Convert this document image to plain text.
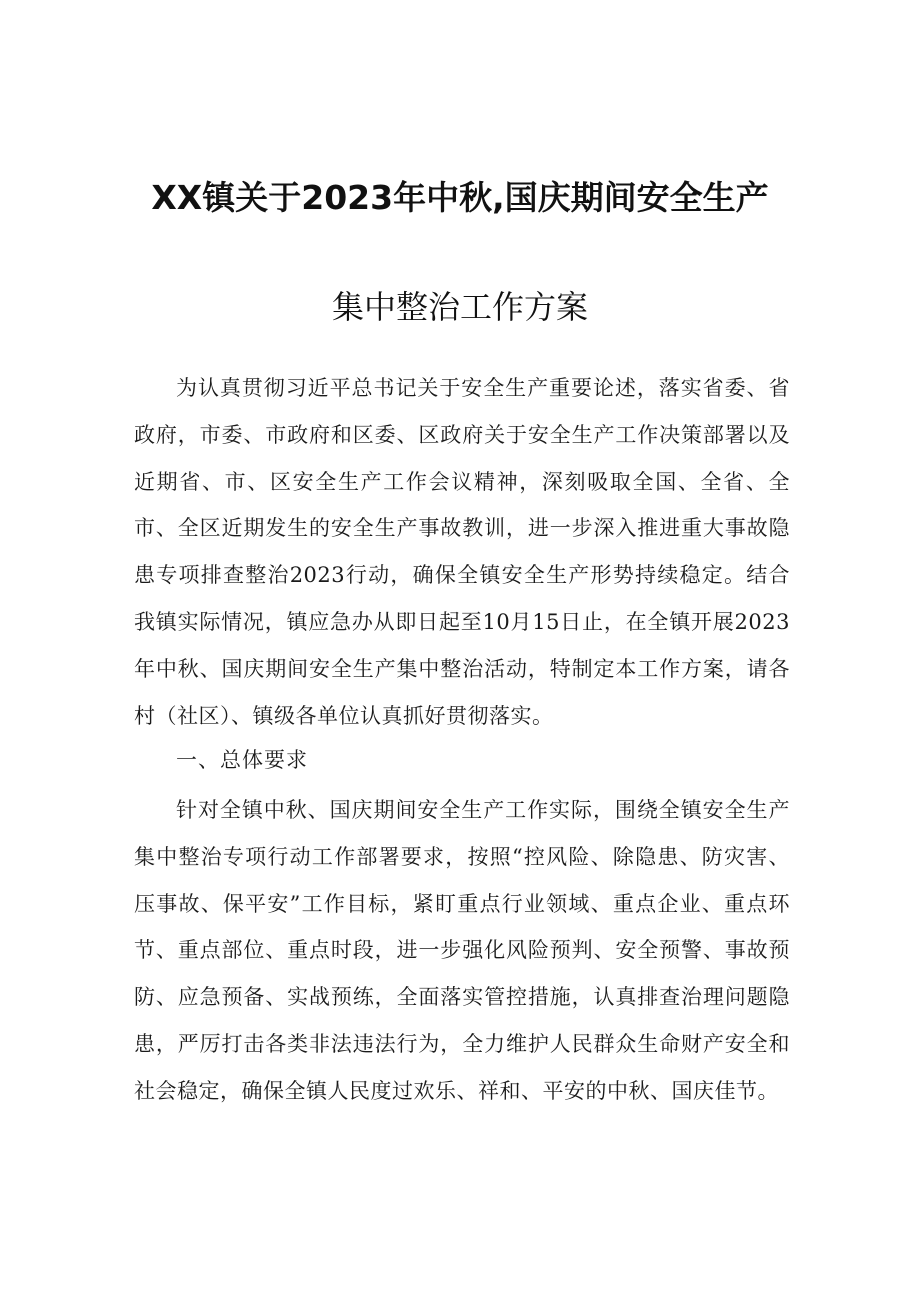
XX镇关于2023年中秋,国庆期间安全生产
集中整治工作方案

为认真贯彻习近平总书记关于安全生产重要论述，落实省委、省政府，市委、市政府和区委、区政府关于安全生产工作决策部署以及近期省、市、区安全生产工作会议精神，深刻吸取全国、全省、全市、全区近期发生的安全生产事故教训，进一步深入推进重大事故隐患专项排查整治2023行动，确保全镇安全生产形势持续稳定。结合我镇实际情况，镇应急办从即日起至10月15日止，在全镇开展2023年中秋、国庆期间安全生产集中整治活动，特制定本工作方案，请各村（社区）、镇级各单位认真抓好贯彻落实。

一、总体要求

针对全镇中秋、国庆期间安全生产工作实际，围绕全镇安全生产集中整治专项行动工作部署要求，按照“控风险、除隐患、防灾害、压事故、保平安”工作目标，紧盯重点行业领域、重点企业、重点环节、重点部位、重点时段，进一步强化风险预判、安全预警、事故预防、应急预备、实战预练，全面落实管控措施，认真排查治理问题隐患，严厉打击各类非法违法行为，全力维护人民群众生命财产安全和社会稳定，确保全镇人民度过欢乐、祥和、平安的中秋、国庆佳节。
